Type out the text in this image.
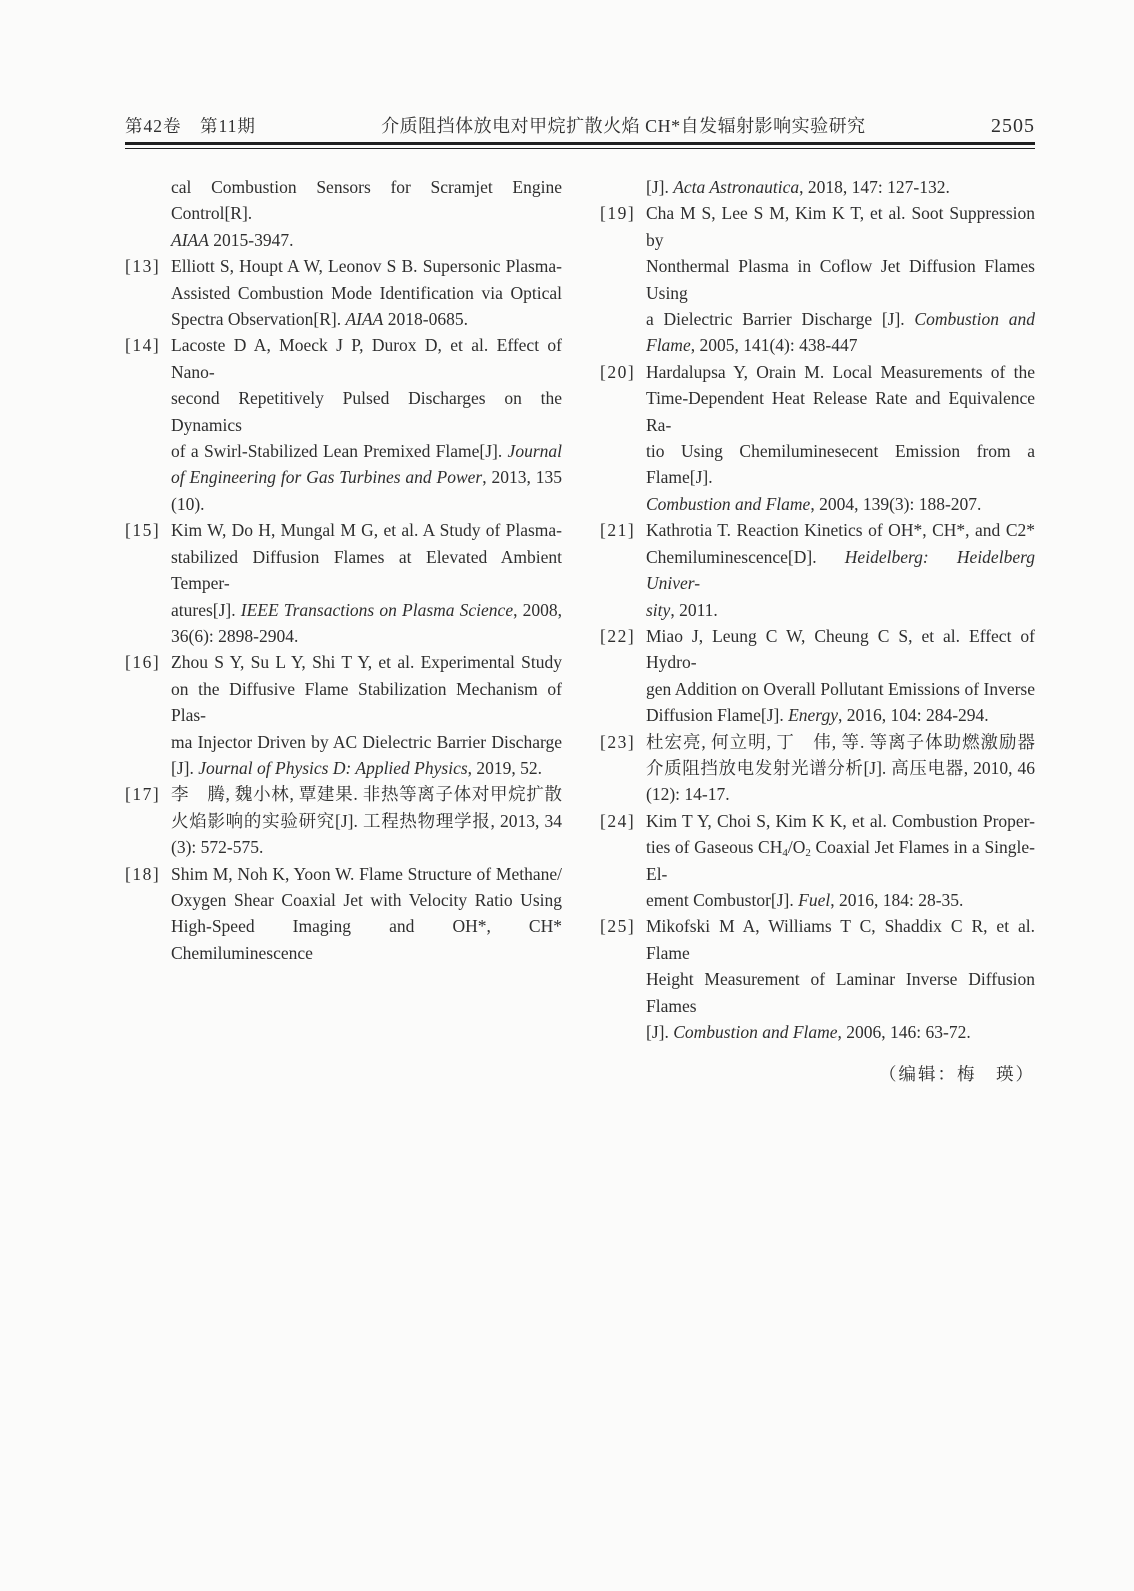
第42卷　第11期	介质阻挡体放电对甲烷扩散火焰 CH*自发辐射影响实验研究	2505
cal Combustion Sensors for Scramjet Engine Control[R].
AIAA 2015-3947.
[13] Elliott S, Houpt A W, Leonov S B. Supersonic Plasma-
Assisted Combustion Mode Identification via Optical
Spectra Observation[R]. AIAA 2018-0685.
[14] Lacoste D A, Moeck J P, Durox D, et al. Effect of Nano-
second Repetitively Pulsed Discharges on the Dynamics
of a Swirl-Stabilized Lean Premixed Flame[J]. Journal
of Engineering for Gas Turbines and Power, 2013, 135
(10).
[15] Kim W, Do H, Mungal M G, et al. A Study of Plasma-
stabilized Diffusion Flames at Elevated Ambient Temper-
atures[J]. IEEE Transactions on Plasma Science, 2008,
36(6): 2898-2904.
[16] Zhou S Y, Su L Y, Shi T Y, et al. Experimental Study
on the Diffusive Flame Stabilization Mechanism of Plas-
ma Injector Driven by AC Dielectric Barrier Discharge
[J]. Journal of Physics D: Applied Physics, 2019, 52.
[17] 李　腾, 魏小林, 覃建果. 非热等离子体对甲烷扩散
火焰影响的实验研究[J]. 工程热物理学报, 2013, 34
(3): 572-575.
[18] Shim M, Noh K, Yoon W. Flame Structure of Methane/
Oxygen Shear Coaxial Jet with Velocity Ratio Using
High-Speed Imaging and OH*, CH* Chemiluminescence
[J]. Acta Astronautica, 2018, 147: 127-132.
[19] Cha M S, Lee S M, Kim K T, et al. Soot Suppression by
Nonthermal Plasma in Coflow Jet Diffusion Flames Using
a Dielectric Barrier Discharge [J]. Combustion and
Flame, 2005, 141(4): 438-447
[20] Hardalupsa Y, Orain M. Local Measurements of the
Time-Dependent Heat Release Rate and Equivalence Ra-
tio Using Chemiluminesecent Emission from a Flame[J].
Combustion and Flame, 2004, 139(3): 188-207.
[21] Kathrotia T. Reaction Kinetics of OH*, CH*, and C2*
Chemiluminescence[D]. Heidelberg: Heidelberg Univer-
sity, 2011.
[22] Miao J, Leung C W, Cheung C S, et al. Effect of Hydro-
gen Addition on Overall Pollutant Emissions of Inverse
Diffusion Flame[J]. Energy, 2016, 104: 284-294.
[23] 杜宏亮, 何立明, 丁　伟, 等. 等离子体助燃激励器
介质阻挡放电发射光谱分析[J]. 高压电器, 2010, 46
(12): 14-17.
[24] Kim T Y, Choi S, Kim K K, et al. Combustion Proper-
ties of Gaseous $CH_4/O_2$ Coaxial Jet Flames in a Single-El-
ement Combustor[J]. Fuel, 2016, 184: 28-35.
[25] Mikofski M A, Williams T C, Shaddix C R, et al. Flame
Height Measurement of Laminar Inverse Diffusion Flames
[J]. Combustion and Flame, 2006, 146: 63-72.
（编辑：梅　瑛）
